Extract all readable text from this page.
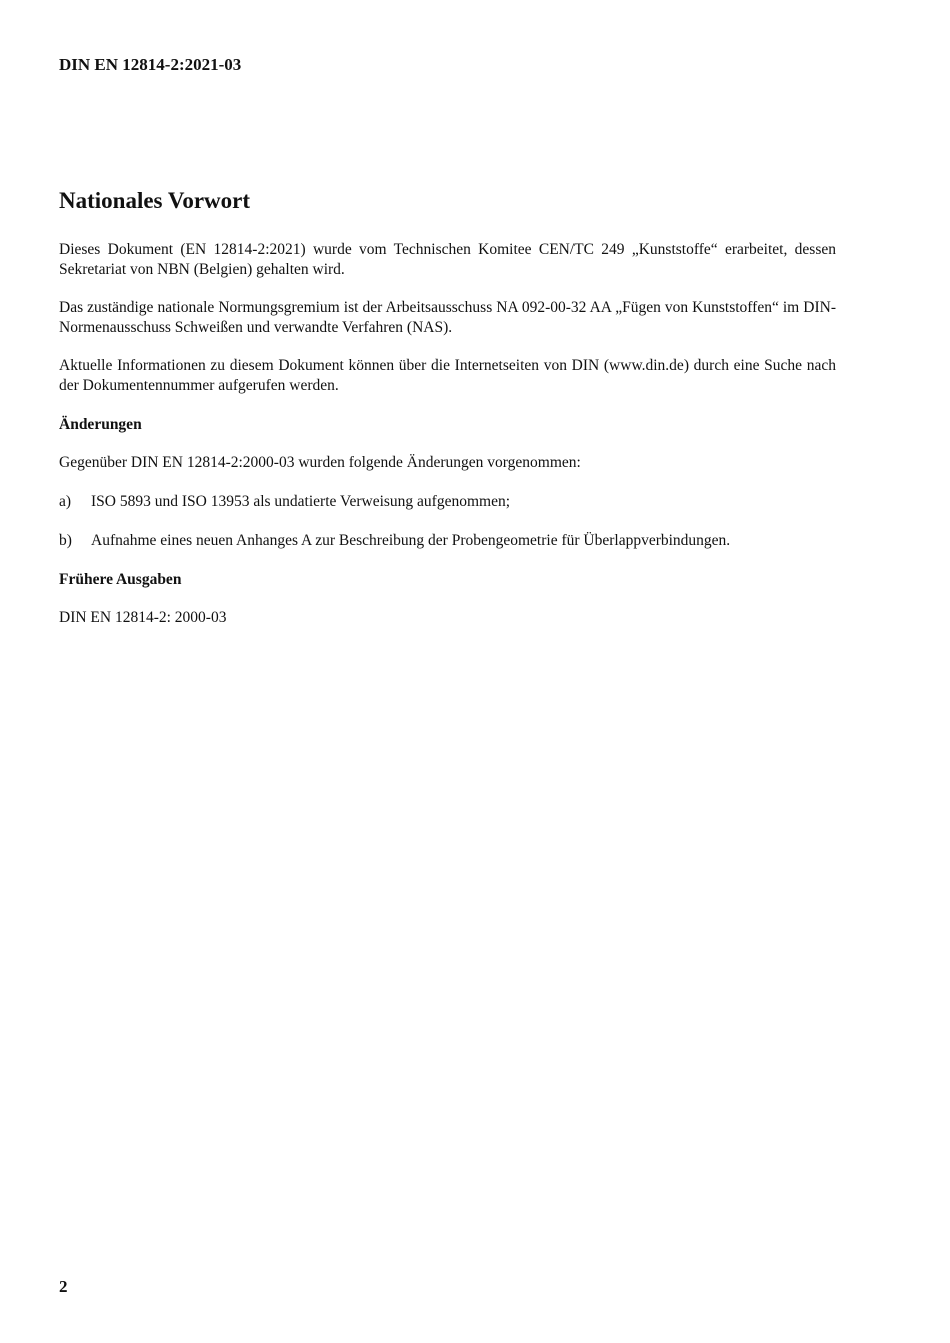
DIN EN 12814-2:2021-03
Nationales Vorwort
Dieses Dokument (EN 12814-2:2021) wurde vom Technischen Komitee CEN/TC 249 „Kunststoffe“ erarbeitet, dessen Sekretariat von NBN (Belgien) gehalten wird.
Das zuständige nationale Normungsgremium ist der Arbeitsausschuss NA 092-00-32 AA „Fügen von Kunststoffen“ im DIN-Normenausschuss Schweißen und verwandte Verfahren (NAS).
Aktuelle Informationen zu diesem Dokument können über die Internetseiten von DIN (www.din.de) durch eine Suche nach der Dokumentennummer aufgerufen werden.
Änderungen
Gegenüber DIN EN 12814-2:2000-03 wurden folgende Änderungen vorgenommen:
a)	ISO 5893 und ISO 13953 als undatierte Verweisung aufgenommen;
b)	Aufnahme eines neuen Anhanges A zur Beschreibung der Probengeometrie für Überlappverbindungen.
Frühere Ausgaben
DIN EN 12814-2: 2000-03
2
